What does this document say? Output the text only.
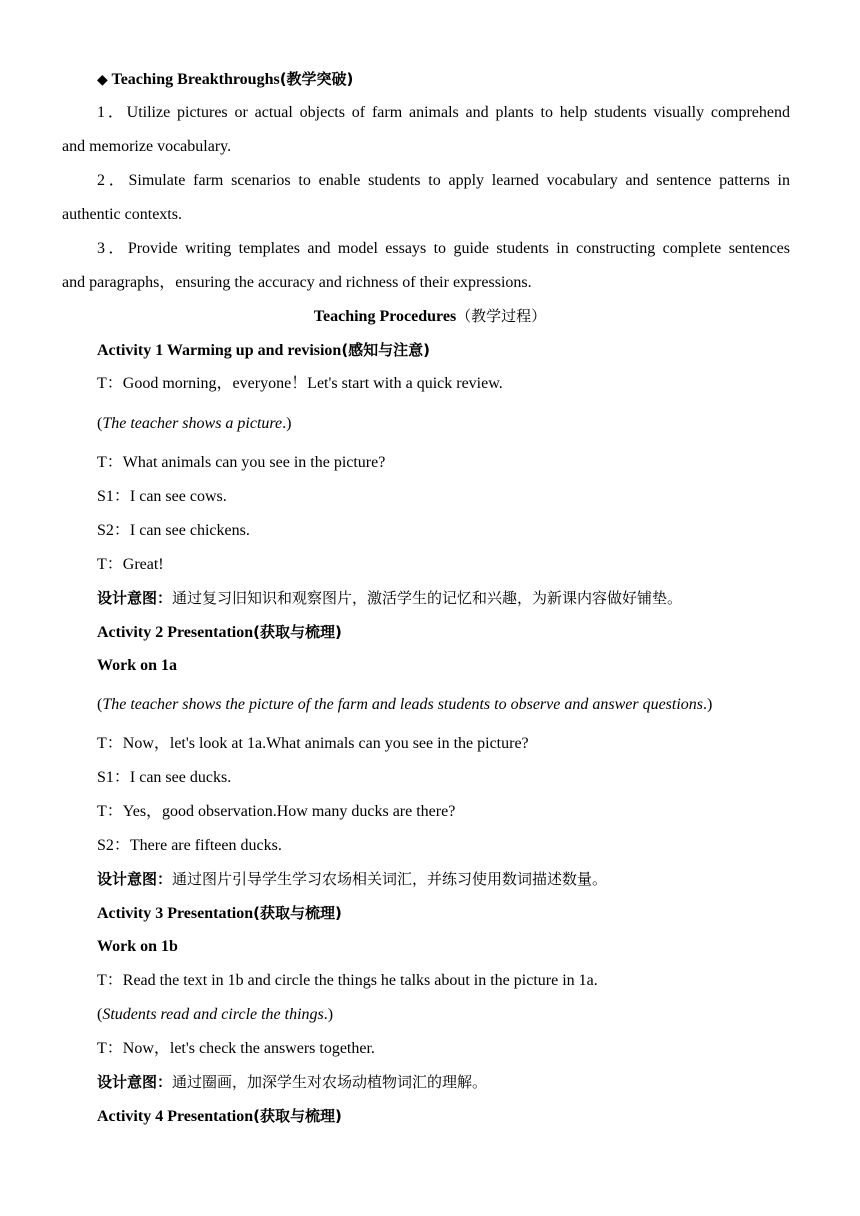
◆ Teaching Breakthroughs(教学突破)
1．Utilize pictures or actual objects of farm animals and plants to help students visually comprehend
and memorize vocabulary.
2．Simulate farm scenarios to enable students to apply learned vocabulary and sentence patterns in
authentic contexts.
3．Provide writing templates and model essays to guide students in constructing complete sentences
and paragraphs，ensuring the accuracy and richness of their expressions.
Teaching Procedures（教学过程）
Activity 1 Warming up and revision(感知与注意)
T：Good morning，everyone！Let's start with a quick review.
(The teacher shows a picture.)
T：What animals can you see in the picture?
S1：I can see cows.
S2：I can see chickens.
T：Great!
设计意图：通过复习旧知识和观察图片，激活学生的记忆和兴趣，为新课内容做好铺垫。
Activity 2 Presentation(获取与梳理)
Work on 1a
(The teacher shows the picture of the farm and leads students to observe and answer questions.)
T：Now，let's look at 1a.What animals can you see in the picture?
S1：I can see ducks.
T：Yes，good observation.How many ducks are there?
S2：There are fifteen ducks.
设计意图：通过图片引导学生学习农场相关词汇，并练习使用数词描述数量。
Activity 3 Presentation(获取与梳理)
Work on 1b
T：Read the text in 1b and circle the things he talks about in the picture in 1a.
(Students read and circle the things.)
T：Now，let's check the answers together.
设计意图：通过圈画，加深学生对农场动植物词汇的理解。
Activity 4 Presentation(获取与梳理)
